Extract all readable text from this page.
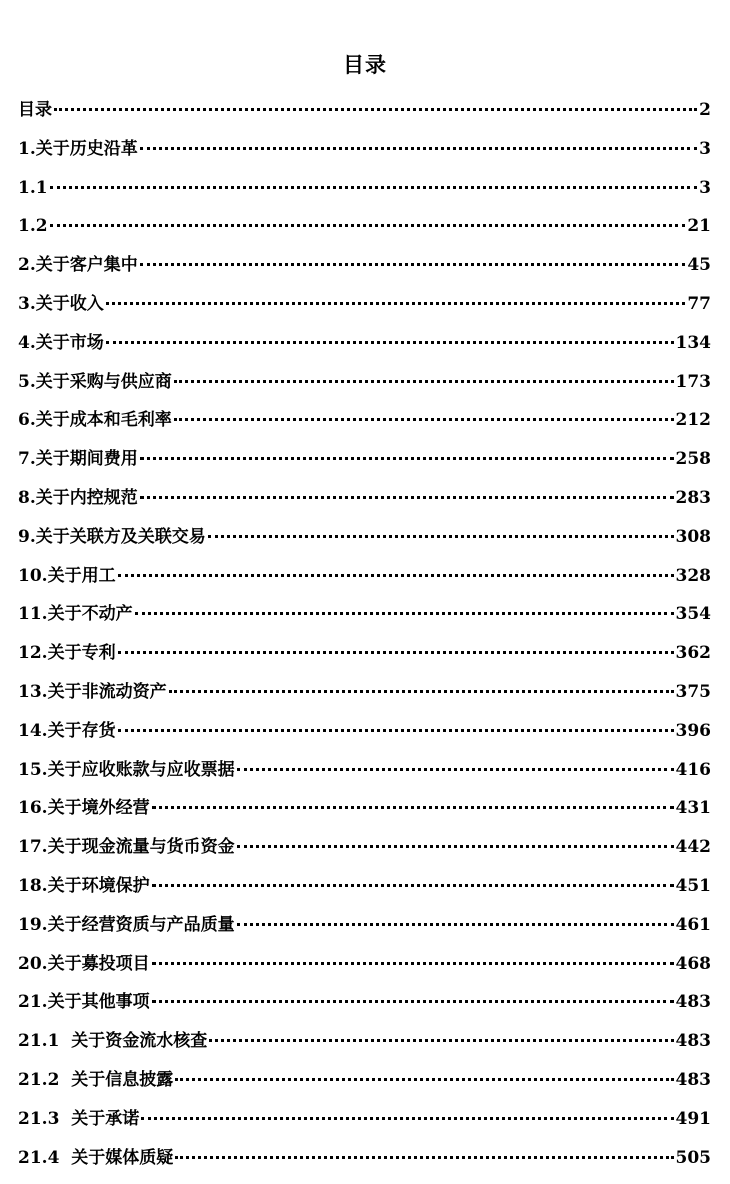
目录
目录	2
1.关于历史沿革	3
1.1	3
1.2	21
2.关于客户集中	45
3.关于收入	77
4.关于市场	134
5.关于采购与供应商	173
6.关于成本和毛利率	212
7.关于期间费用	258
8.关于内控规范	283
9.关于关联方及关联交易	308
10.关于用工	328
11.关于不动产	354
12.关于专利	362
13.关于非流动资产	375
14.关于存货	396
15.关于应收账款与应收票据	416
16.关于境外经营	431
17.关于现金流量与货币资金	442
18.关于环境保护	451
19.关于经营资质与产品质量	461
20.关于募投项目	468
21.关于其他事项	483
21.1  关于资金流水核查	483
21.2  关于信息披露	483
21.3  关于承诺	491
21.4  关于媒体质疑	505
